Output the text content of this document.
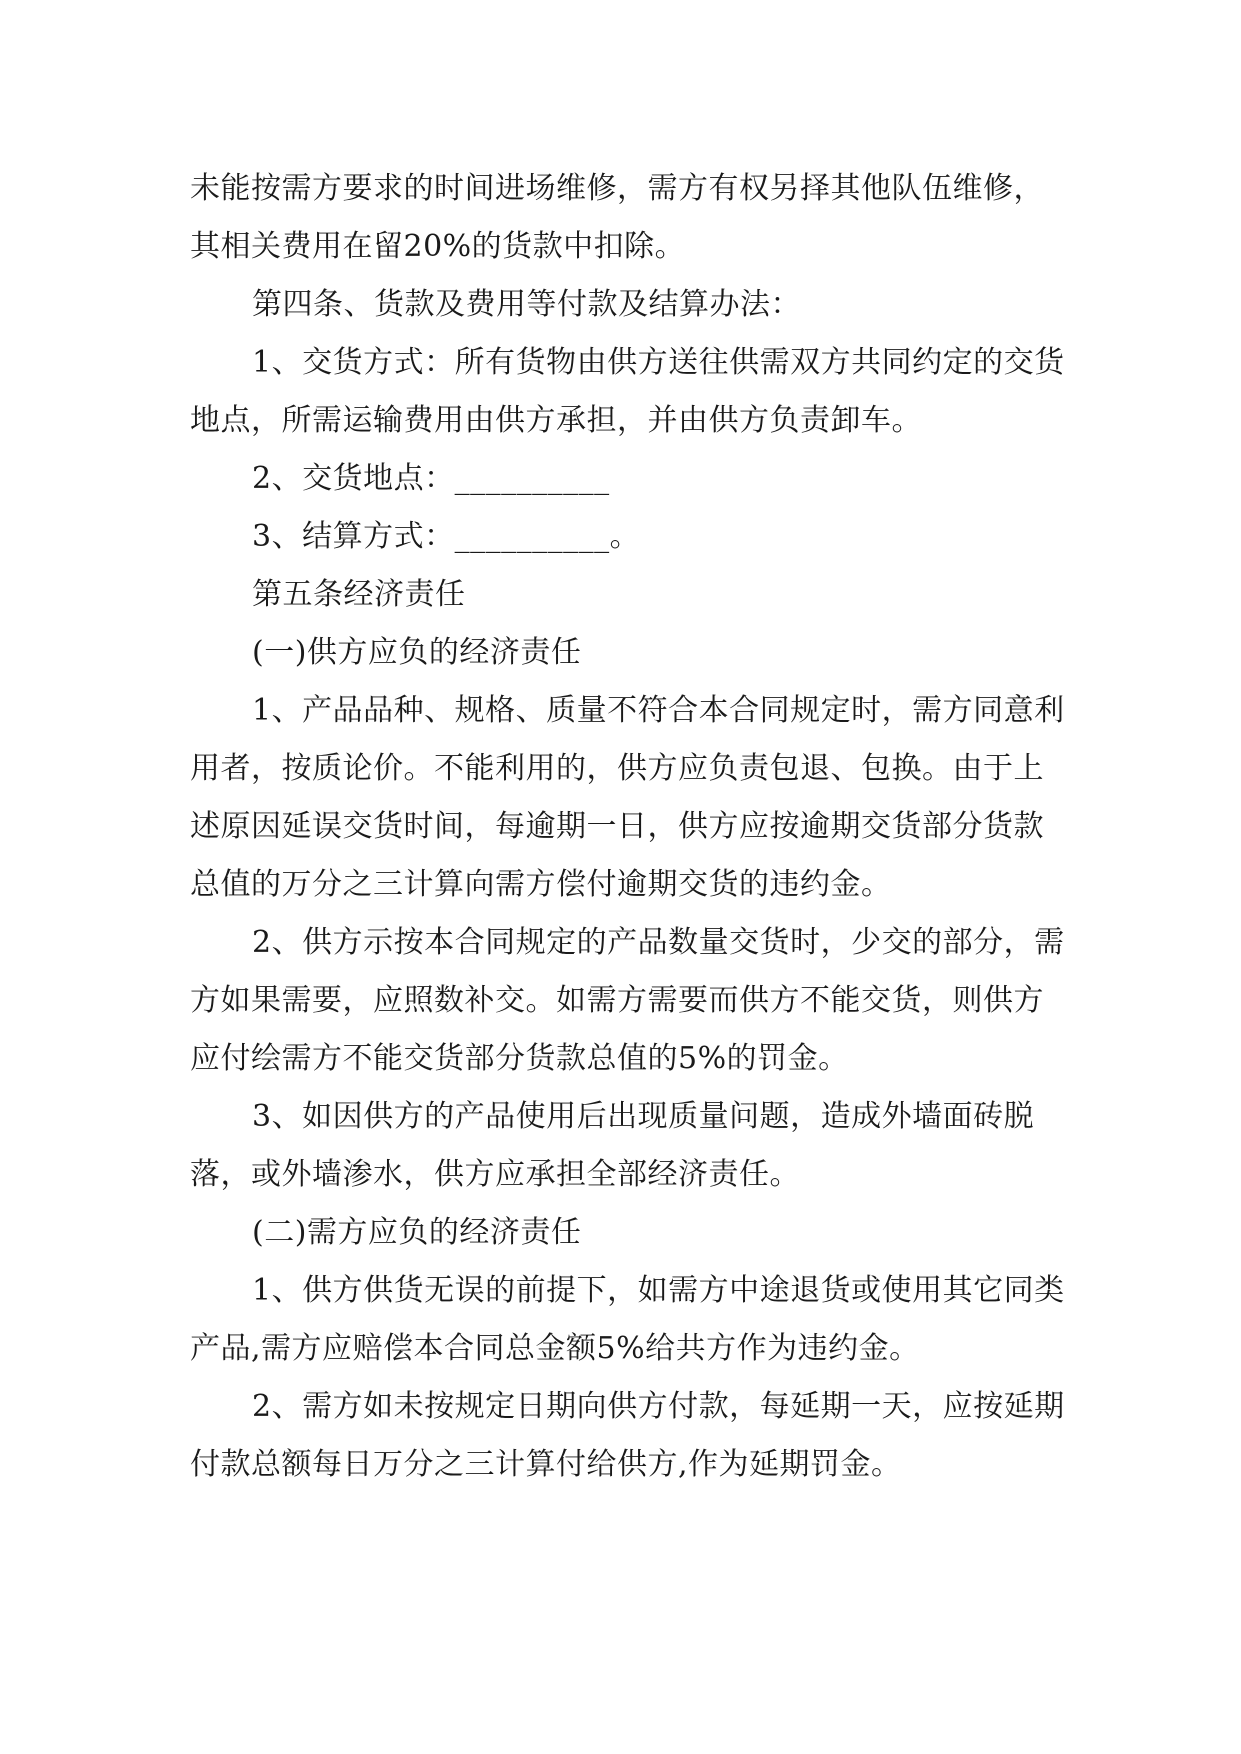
未能按需方要求的时间进场维修，需方有权另择其他队伍维修，其相关费用在留20%的货款中扣除。

第四条、货款及费用等付款及结算办法：

1、交货方式：所有货物由供方送往供需双方共同约定的交货地点，所需运输费用由供方承担，并由供方负责卸车。

2、交货地点：__________

3、结算方式：__________。

第五条经济责任

(一)供方应负的经济责任

1、产品品种、规格、质量不符合本合同规定时，需方同意利用者，按质论价。不能利用的，供方应负责包退、包换。由于上述原因延误交货时间，每逾期一日，供方应按逾期交货部分货款总值的万分之三计算向需方偿付逾期交货的违约金。

2、供方示按本合同规定的产品数量交货时，少交的部分，需方如果需要，应照数补交。如需方需要而供方不能交货，则供方应付绘需方不能交货部分货款总值的5%的罚金。

3、如因供方的产品使用后出现质量问题，造成外墙面砖脱落，或外墙渗水，供方应承担全部经济责任。

(二)需方应负的经济责任

1、供方供货无误的前提下，如需方中途退货或使用其它同类产品,需方应赔偿本合同总金额5%给共方作为违约金。

2、需方如未按规定日期向供方付款，每延期一天，应按延期付款总额每日万分之三计算付给供方,作为延期罚金。
